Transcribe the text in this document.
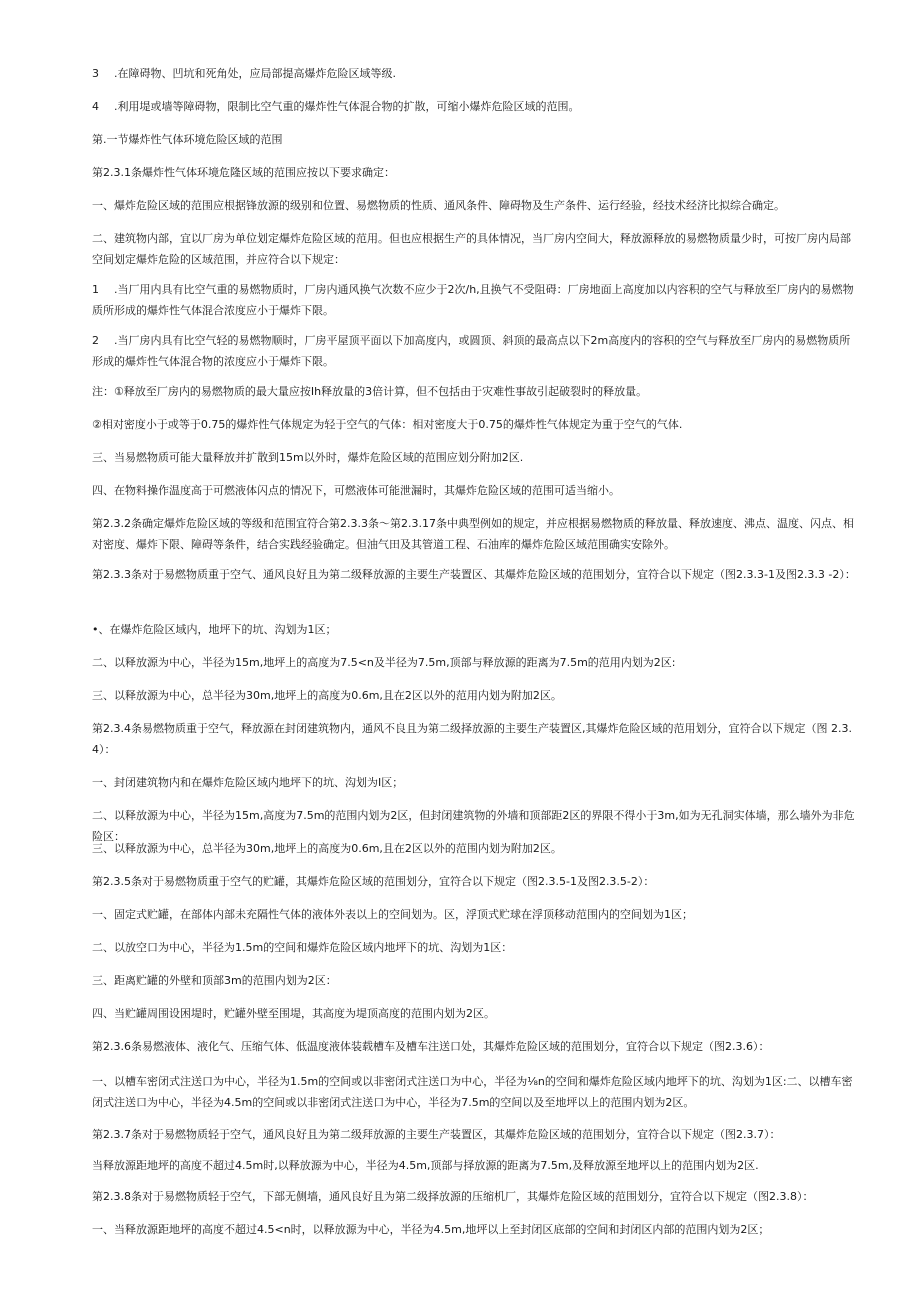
3 .在障碍物、凹坑和死角处，应局部提高爆炸危险区域等级.

4 .利用堤或墙等障碍物，限制比空气重的爆炸性气体混合物的扩散，可缩小爆炸危险区域的范围。

第.一节爆炸性气体环境危险区域的范围

第2.3.1条爆炸性气体环境危隆区域的范围应按以下要求确定：

一、爆炸危险区域的范围应根据锋放源的级别和位置、易燃物质的性质、通风条件、障碍物及生产条件、运行经验，经技术经济比拟综合确定。

二、建筑物内部，宜以厂房为单位划定爆炸危险区域的范用。但也应根据生产的具体情况，当厂房内空间大，释放源释放的易燃物质量少时，可按厂房内局部空间划定爆炸危险的区域范围，并应符合以下规定：

1 .当厂用内具有比空气重的易燃物质时，厂房内通风换气次数不应少于2次/h,且换气不受阻碍：厂房地面上高度加以内容积的空气与释放至厂房内的易燃物质所形成的爆炸性气体混合浓度应小于爆炸下限。

2 .当厂房内具有比空气轻的易燃物顺时，厂房平屋顶平面以下加高度内，或圆顶、斜顶的最高点以下2m高度内的容积的空气与释放至厂房内的易燃物质所形成的爆炸性气体混合物的浓度应小于爆炸下限。

注：①释放至厂房内的易燃物质的最大量应按Ih释放量的3倍计算，但不包括由于灾难性事故引起破裂时的释放量。

②相对密度小于或等于0.75的爆炸性气体规定为轻于空气的气体：相对密度大于0.75的爆炸性气体规定为重于空气的气体.

三、当易燃物质可能大量释放并扩散到15m以外时，爆炸危险区域的范围应划分附加2区.

四、在物料操作温度高于可燃液体闪点的情况下，可燃液体可能泄漏时，其爆炸危险区域的范围可适当缩小。

第2.3.2条确定爆炸危险区域的等级和范围宜符合第2.3.3条〜第2.3.17条中典型例如的规定，并应根据易燃物质的释放量、释放速度、沸点、温度、闪点、相对密度、爆炸下限、障碍等条件，结合实践经验确定。但油气田及其管道工程、石油库的爆炸危险区域范围确实安除外。

第2.3.3条对于易燃物质重于空气、通风良好且为第二级释放源的主要生产装置区、其爆炸危险区域的范围划分，宜符合以下规定（图2.3.3-1及图2.3.3 -2）：

•、在爆炸危险区域内，地坪下的坑、沟划为1区；

二、以释放源为中心，半径为15m,地坪上的高度为7.5<n及半径为7.5m,顶部与释放源的距离为7.5m的范用内划为2区:

三、以释放源为中心，总半径为30m,地坪上的高度为0.6m,且在2区以外的范用内划为附加2区。

第2.3.4条易燃物质重于空气，释放源在封闭建筑物内，通风不良且为第二级择放源的主要生产装置区,其爆炸危险区域的范用划分，宜符合以下规定（图 2.3.4）：

一、封闭建筑物内和在爆炸危险区域内地坪下的坑、沟划为I区；

二、以释放源为中心，半径为15m,高度为7.5m的范围内划为2区，但封闭建筑物的外墙和顶部距2区的界限不得小于3m,如为无孔洞实体墙，那么墙外为非危险区：

三、以释放源为中心，总半径为30m,地坪上的高度为0.6m,且在2区以外的范围内划为附加2区。

第2.3.5条对于易燃物质重于空气的贮罐，其爆炸危险区域的范围划分，宜符合以下规定（图2.3.5-1及图2.3.5-2）：

一、固定式贮罐，在部体内部未充隔性气体的液体外表以上的空间划为。区，浮顶式贮球在浮顶移动范围内的空间划为1区；

二、以放空口为中心，半径为1.5m的空间和爆炸危险区域内地坪下的坑、沟划为1区：

三、距离贮罐的外壁和顶部3m的范围内划为2区：

四、当贮罐周围设困堤时，贮罐外壁至围堤，其高度为堤顶高度的范围内划为2区。

第2.3.6条易燃液体、液化气、压缩气体、低温度液体装载槽车及槽车注送口处，其爆炸危险区域的范围划分，宜符合以下规定（图2.3.6）：

一、以槽车密闭式注送口为中心，半径为1.5m的空间或以非密闭式注送口为中心，半径为⅛n的空间和爆炸危险区域内地坪下的坑、沟划为1区:二、以槽车密闭式注送口为中心，半径为4.5m的空间或以非密闭式注送口为中心，半径为7.5m的空间以及至地坪以上的范围内划为2区。

第2.3.7条对于易燃物质轻于空气，通风良好且为第二级拜放源的主要生产装置区，其爆炸危险区域的范围划分，宜符合以下规定（图2.3.7）：

当释放源距地坪的高度不超过4.5m时,以释放源为中心，半径为4.5m,顶部与择放源的距离为7.5m,及释放源至地坪以上的范围内划为2区.

第2.3.8条对于易燃物质轻于空气，下部无侧墙，通风良好且为第二级择放源的压缩机厂，其爆炸危险区域的范围划分，宜符合以下规定（图2.3.8）：

一、当释放源距地坪的高度不超过4.5<n时，以释放源为中心，半径为4.5m,地坪以上至封闭区底部的空间和封闭区内部的范围内划为2区；
